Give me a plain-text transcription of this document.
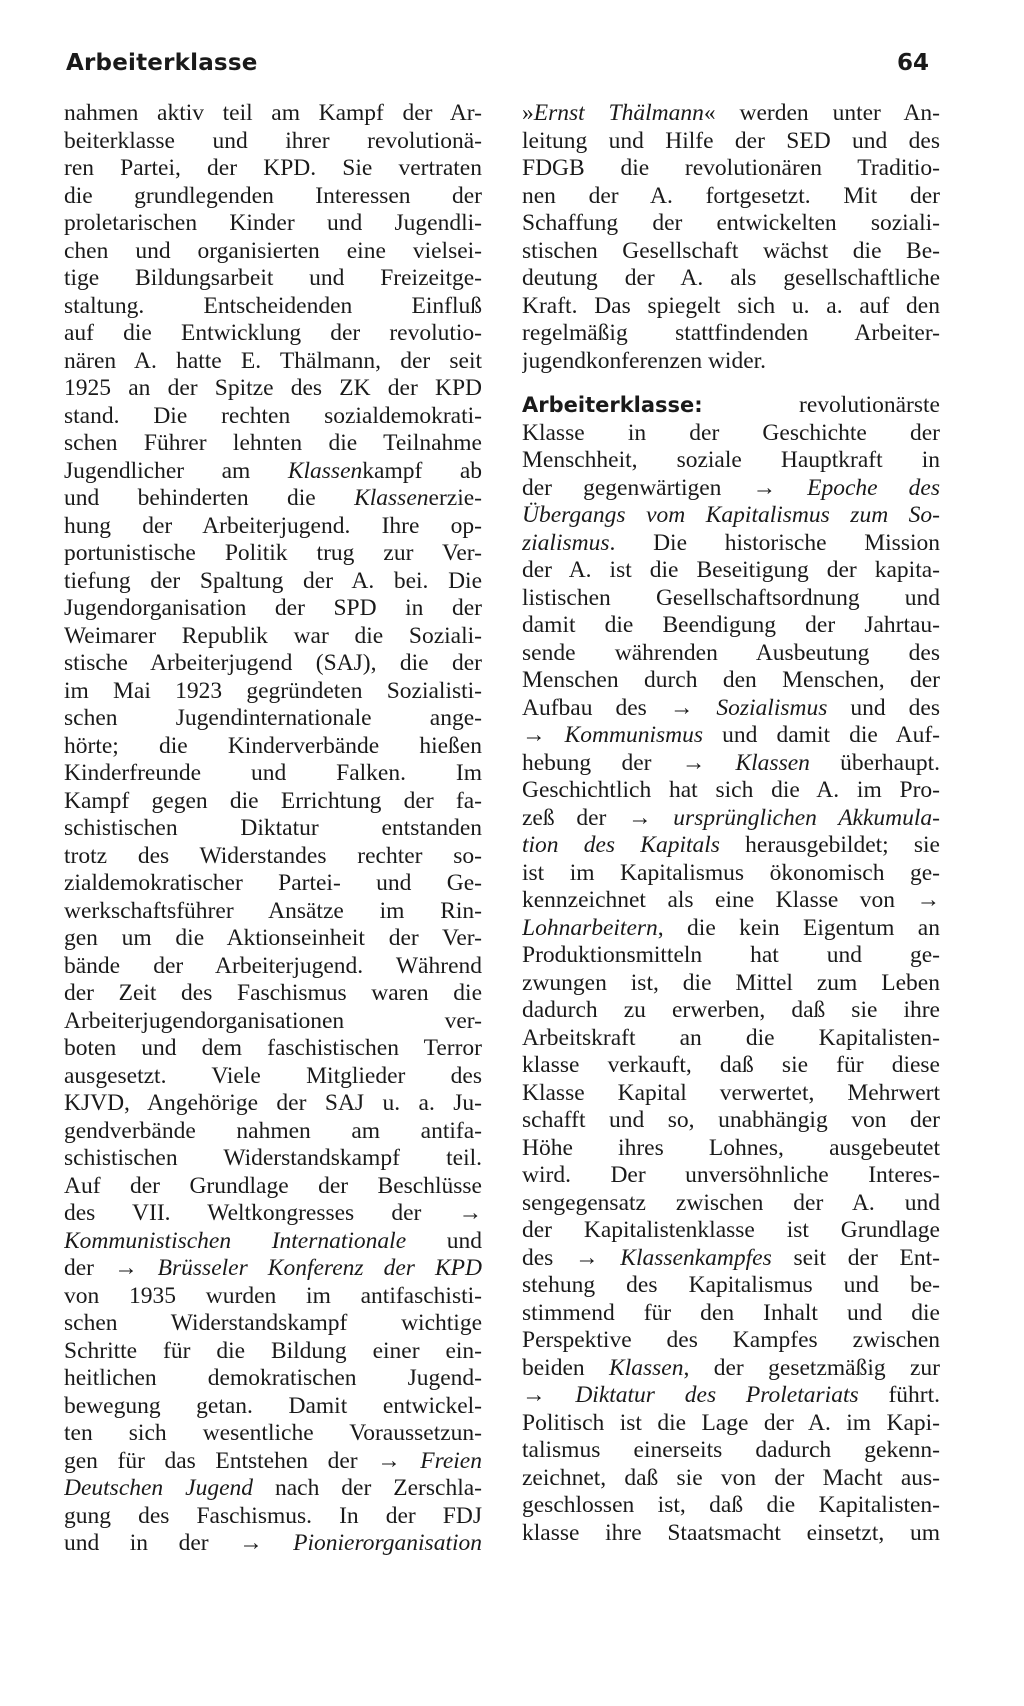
Arbeiterklasse	64
nahmen aktiv teil am Kampf der Ar-
beiterklasse und ihrer revolutionä-
ren Partei, der KPD. Sie vertraten
die grundlegenden Interessen der
proletarischen Kinder und Jugendli-
chen und organisierten eine vielsei-
tige Bildungsarbeit und Freizeitge-
staltung. Entscheidenden Einfluß
auf die Entwicklung der revolutio-
nären A. hatte E. Thälmann, der seit
1925 an der Spitze des ZK der KPD
stand. Die rechten sozialdemokrati-
schen Führer lehnten die Teilnahme
Jugendlicher am Klassenkampf ab
und behinderten die Klassenerzie-
hung der Arbeiterjugend. Ihre op-
portunistische Politik trug zur Ver-
tiefung der Spaltung der A. bei. Die
Jugendorganisation der SPD in der
Weimarer Republik war die Soziali-
stische Arbeiterjugend (SAJ), die der
im Mai 1923 gegründeten Sozialisti-
schen Jugendinternationale ange-
hörte; die Kinderverbände hießen
Kinderfreunde und Falken. Im
Kampf gegen die Errichtung der fa-
schistischen Diktatur entstanden
trotz des Widerstandes rechter so-
zialdemokratischer Partei- und Ge-
werkschaftsführer Ansätze im Rin-
gen um die Aktionseinheit der Ver-
bände der Arbeiterjugend. Während
der Zeit des Faschismus waren die
Arbeiterjugendorganisationen ver-
boten und dem faschistischen Terror
ausgesetzt. Viele Mitglieder des
KJVD, Angehörige der SAJ u. a. Ju-
gendverbände nahmen am antifa-
schistischen Widerstandskampf teil.
Auf der Grundlage der Beschlüsse
des VII. Weltkongresses der →
Kommunistischen Internationale und
der → Brüsseler Konferenz der KPD
von 1935 wurden im antifaschisti-
schen Widerstandskampf wichtige
Schritte für die Bildung einer ein-
heitlichen demokratischen Jugend-
bewegung getan. Damit entwickel-
ten sich wesentliche Voraussetzun-
gen für das Entstehen der → Freien
Deutschen Jugend nach der Zerschla-
gung des Faschismus. In der FDJ
und in der → Pionierorganisation
»Ernst Thälmann« werden unter An-
leitung und Hilfe der SED und des
FDGB die revolutionären Traditio-
nen der A. fortgesetzt. Mit der
Schaffung der entwickelten soziali-
stischen Gesellschaft wächst die Be-
deutung der A. als gesellschaftliche
Kraft. Das spiegelt sich u. a. auf den
regelmäßig stattfindenden Arbeiter-
jugendkonferenzen wider.
Arbeiterklasse:	revolutionärste
Klasse in der Geschichte der
Menschheit, soziale Hauptkraft in
der gegenwärtigen → Epoche des
Übergangs vom Kapitalismus zum So-
zialismus. Die historische Mission
der A. ist die Beseitigung der kapita-
listischen Gesellschaftsordnung und
damit die Beendigung der Jahrtau-
sende währenden Ausbeutung des
Menschen durch den Menschen, der
Aufbau des → Sozialismus und des
→ Kommunismus und damit die Auf-
hebung der → Klassen überhaupt.
Geschichtlich hat sich die A. im Pro-
zeß der → ursprünglichen Akkumula-
tion des Kapitals herausgebildet; sie
ist im Kapitalismus ökonomisch ge-
kennzeichnet als eine Klasse von →
Lohnarbeitern, die kein Eigentum an
Produktionsmitteln hat und ge-
zwungen ist, die Mittel zum Leben
dadurch zu erwerben, daß sie ihre
Arbeitskraft an die Kapitalisten-
klasse verkauft, daß sie für diese
Klasse Kapital verwertet, Mehrwert
schafft und so, unabhängig von der
Höhe ihres Lohnes, ausgebeutet
wird. Der unversöhnliche Interes-
sengegensatz zwischen der A. und
der Kapitalistenklasse ist Grundlage
des → Klassenkampfes seit der Ent-
stehung des Kapitalismus und be-
stimmend für den Inhalt und die
Perspektive des Kampfes zwischen
beiden Klassen, der gesetzmäßig zur
→ Diktatur des Proletariats führt.
Politisch ist die Lage der A. im Kapi-
talismus einerseits dadurch gekenn-
zeichnet, daß sie von der Macht aus-
geschlossen ist, daß die Kapitalisten-
klasse ihre Staatsmacht einsetzt, um
